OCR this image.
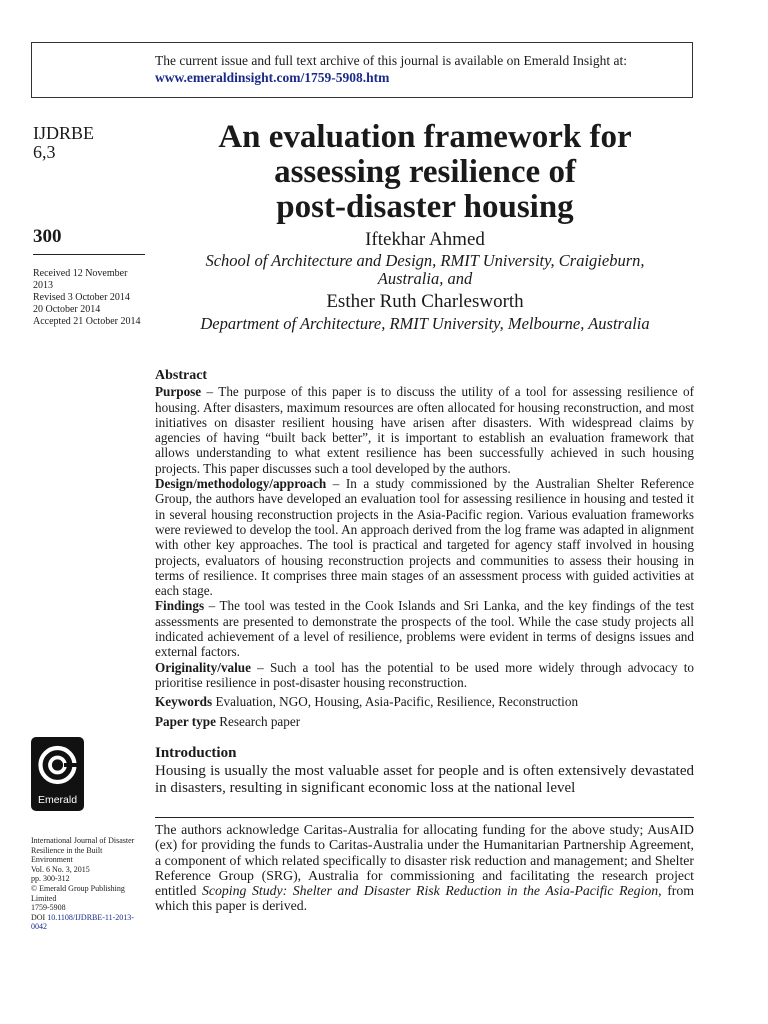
The current issue and full text archive of this journal is available on Emerald Insight at:
www.emeraldinsight.com/1759-5908.htm
IJDRBE
6,3
300
Received 12 November 2013
Revised 3 October 2014
20 October 2014
Accepted 21 October 2014
An evaluation framework for
assessing resilience of
post-disaster housing
Iftekhar Ahmed
School of Architecture and Design, RMIT University, Craigieburn,
Australia, and
Esther Ruth Charlesworth
Department of Architecture, RMIT University, Melbourne, Australia

Abstract

Purpose – The purpose of this paper is to discuss the utility of a tool for assessing resilience of housing. After disasters, maximum resources are often allocated for housing reconstruction, and most initiatives on disaster resilient housing have arisen after disasters. With widespread claims by agencies of having “built back better”, it is important to establish an evaluation framework that allows understanding to what extent resilience has been successfully achieved in such housing projects. This paper discusses such a tool developed by the authors.

Design/methodology/approach – In a study commissioned by the Australian Shelter Reference Group, the authors have developed an evaluation tool for assessing resilience in housing and tested it in several housing reconstruction projects in the Asia-Pacific region. Various evaluation frameworks were reviewed to develop the tool. An approach derived from the log frame was adapted in alignment with other key approaches. The tool is practical and targeted for agency staff involved in housing projects, evaluators of housing reconstruction projects and communities to assess their housing in terms of resilience. It comprises three main stages of an assessment process with guided activities at each stage.

Findings – The tool was tested in the Cook Islands and Sri Lanka, and the key findings of the test assessments are presented to demonstrate the prospects of the tool. While the case study projects all indicated achievement of a level of resilience, problems were evident in terms of designs issues and external factors.

Originality/value – Such a tool has the potential to be used more widely through advocacy to prioritise resilience in post-disaster housing reconstruction.

Keywords Evaluation, NGO, Housing, Asia-Pacific, Resilience, Reconstruction

Paper type Research paper

Introduction
Housing is usually the most valuable asset for people and is often extensively devastated in disasters, resulting in significant economic loss at the national level
The authors acknowledge Caritas-Australia for allocating funding for the above study; AusAID (ex) for providing the funds to Caritas-Australia under the Humanitarian Partnership Agreement, a component of which related specifically to disaster risk reduction and management; and Shelter Reference Group (SRG), Australia for commissioning and facilitating the research project entitled Scoping Study: Shelter and Disaster Risk Reduction in the Asia-Pacific Region, from which this paper is derived.
Emerald
International Journal of Disaster
Resilience in the Built
Environment
Vol. 6 No. 3, 2015
pp. 300-312
© Emerald Group Publishing Limited
1759-5908
DOI 10.1108/IJDRBE-11-2013-0042
